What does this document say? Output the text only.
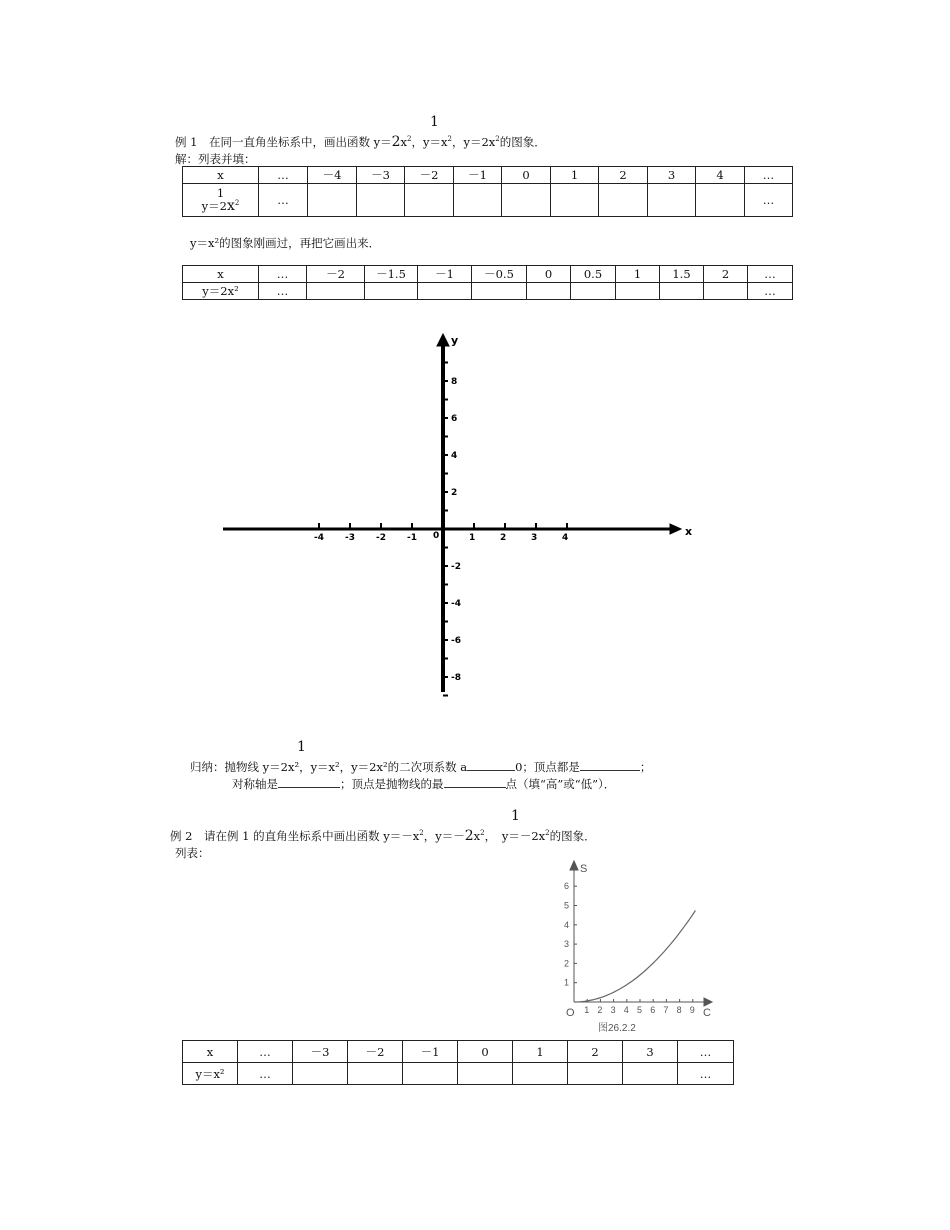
1
例 1　在同一直角坐标系中，画出函数 $y=2x^2$，$y=x^2$，$y=2x^2$的图象．
解：列表并填：
x	…	－4	－3	－2	－1	0	1	2	3	4	…

1
$y=2x^2$	…										…
y＝x²的图象刚画过，再把它画出来．
x	…	－2	－1.5	－1	－0.5	0	0.5	1	1.5	2	…
y＝2x²	…										…
x
y
0
-4 -3 -2 -1	1	2	3	4
8
6
4
2
-2
-4
-6
-8
1
归纳：抛物线 y＝2x²，y＝x²，y＝2x²的二次项系数 a	0；顶点都是	；
对称轴是	；顶点是抛物线的最	点（填“高”或“低”）．
1
例 2　请在例 1 的直角坐标系中画出函数 $y=-x^2$，$y=-2x^2$，　$y=-2x^2$的图象．
列表：
S
C
O
图26.2.2
1 2 3 4 5 6 7 8 9
1
2
3
4
5
6
x	…	－3	－2	－1	0	1	2	3	…
y＝x²	…								…
